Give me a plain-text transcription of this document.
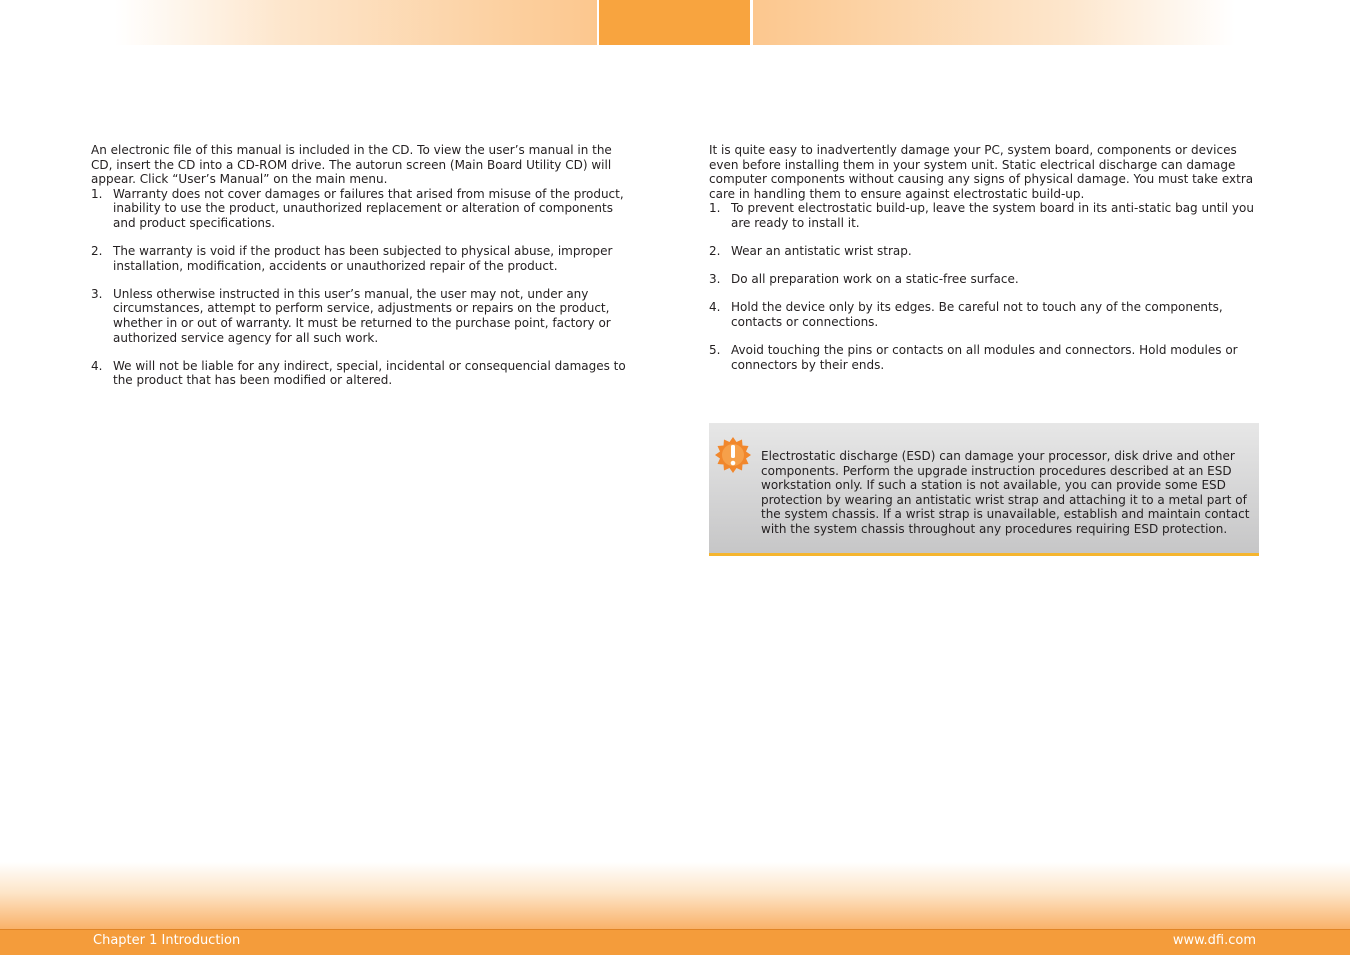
An electronic file of this manual is included in the CD. To view the user’s manual in the CD, insert the CD into a CD-ROM drive. The autorun screen (Main Board Utility CD) will appear. Click “User’s Manual” on the main menu.

1. Warranty does not cover damages or failures that arised from misuse of the product, inability to use the product, unauthorized replacement or alteration of components and product specifications.
2. The warranty is void if the product has been subjected to physical abuse, improper installation, modification, accidents or unauthorized repair of the product.
3. Unless otherwise instructed in this user’s manual, the user may not, under any circumstances, attempt to perform service, adjustments or repairs on the product, whether in or out of warranty. It must be returned to the purchase point, factory or authorized service agency for all such work.
4. We will not be liable for any indirect, special, incidental or consequencial damages to the product that has been modified or altered.

It is quite easy to inadvertently damage your PC, system board, components or devices even before installing them in your system unit. Static electrical discharge can damage computer components without causing any signs of physical damage. You must take extra care in handling them to ensure against electrostatic build-up.

1. To prevent electrostatic build-up, leave the system board in its anti-static bag until you are ready to install it.
2. Wear an antistatic wrist strap.
3. Do all preparation work on a static-free surface.
4. Hold the device only by its edges. Be careful not to touch any of the components, contacts or connections.
5. Avoid touching the pins or contacts on all modules and connectors. Hold modules or connectors by their ends.
Electrostatic discharge (ESD) can damage your processor, disk drive and other components. Perform the upgrade instruction procedures described at an ESD workstation only. If such a station is not available, you can provide some ESD protection by wearing an antistatic wrist strap and attaching it to a metal part of the system chassis. If a wrist strap is unavailable, establish and maintain contact with the system chassis throughout any procedures requiring ESD protection.
Chapter 1 Introduction	www.dfi.com
